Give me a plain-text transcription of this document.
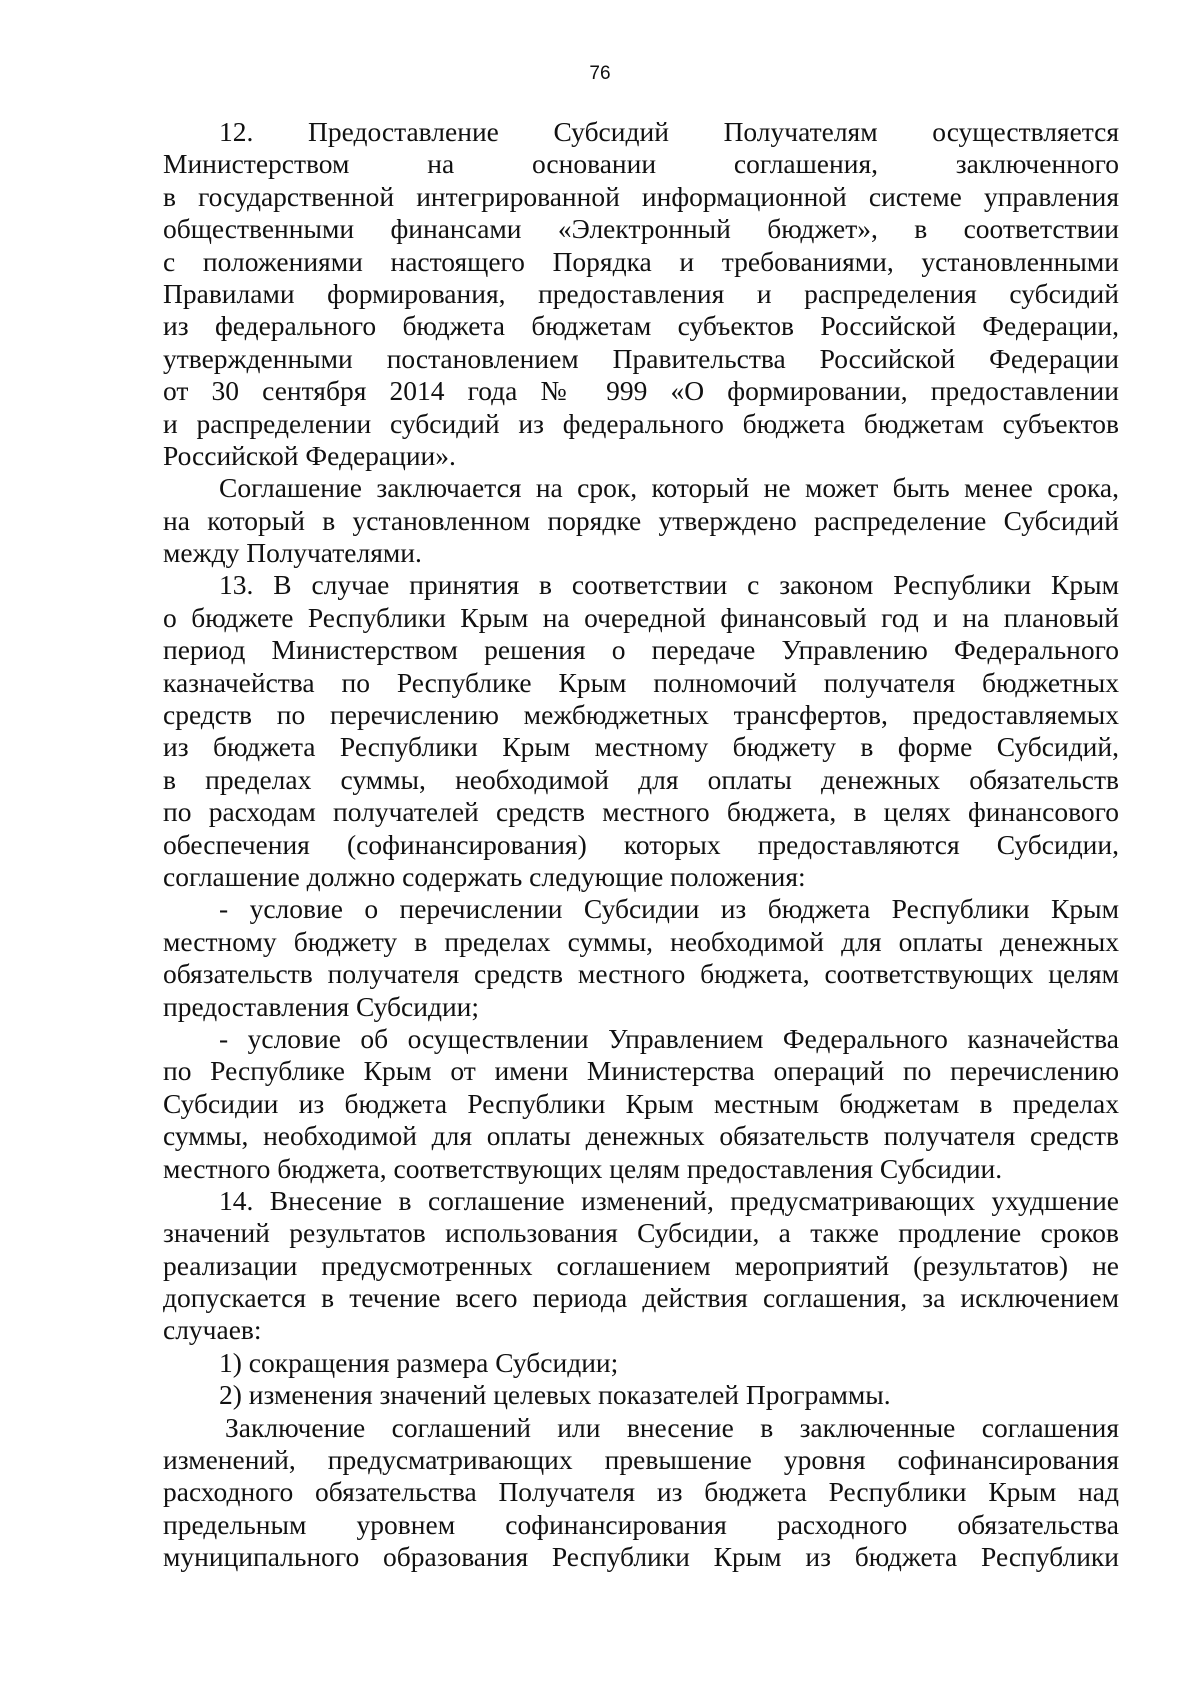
76
12. Предоставление Субсидий Получателям осуществляется
Министерством на основании соглашения, заключенного
в государственной интегрированной информационной системе управления
общественными финансами «Электронный бюджет», в соответствии
с положениями настоящего Порядка и требованиями, установленными
Правилами формирования, предоставления и распределения субсидий
из федерального бюджета бюджетам субъектов Российской Федерации,
утвержденными постановлением Правительства Российской Федерации
от 30 сентября 2014 года № 999 «О формировании, предоставлении
и распределении субсидий из федерального бюджета бюджетам субъектов
Российской Федерации».
Соглашение заключается на срок, который не может быть менее срока,
на который в установленном порядке утверждено распределение Субсидий
между Получателями.
13. В случае принятия в соответствии с законом Республики Крым
о бюджете Республики Крым на очередной финансовый год и на плановый
период Министерством решения о передаче Управлению Федерального
казначейства по Республике Крым полномочий получателя бюджетных
средств по перечислению межбюджетных трансфертов, предоставляемых
из бюджета Республики Крым местному бюджету в форме Субсидий,
в пределах суммы, необходимой для оплаты денежных обязательств
по расходам получателей средств местного бюджета, в целях финансового
обеспечения (софинансирования) которых предоставляются Субсидии,
соглашение должно содержать следующие положения:
- условие о перечислении Субсидии из бюджета Республики Крым
местному бюджету в пределах суммы, необходимой для оплаты денежных
обязательств получателя средств местного бюджета, соответствующих целям
предоставления Субсидии;
- условие об осуществлении Управлением Федерального казначейства
по Республике Крым от имени Министерства операций по перечислению
Субсидии из бюджета Республики Крым местным бюджетам в пределах
суммы, необходимой для оплаты денежных обязательств получателя средств
местного бюджета, соответствующих целям предоставления Субсидии.
14. Внесение в соглашение изменений, предусматривающих ухудшение
значений результатов использования Субсидии, а также продление сроков
реализации предусмотренных соглашением мероприятий (результатов) не
допускается в течение всего периода действия соглашения, за исключением
случаев:
1) сокращения размера Субсидии;
2) изменения значений целевых показателей Программы.
Заключение соглашений или внесение в заключенные соглашения
изменений, предусматривающих превышение уровня софинансирования
расходного обязательства Получателя из бюджета Республики Крым над
предельным уровнем софинансирования расходного обязательства
муниципального образования Республики Крым из бюджета Республики
